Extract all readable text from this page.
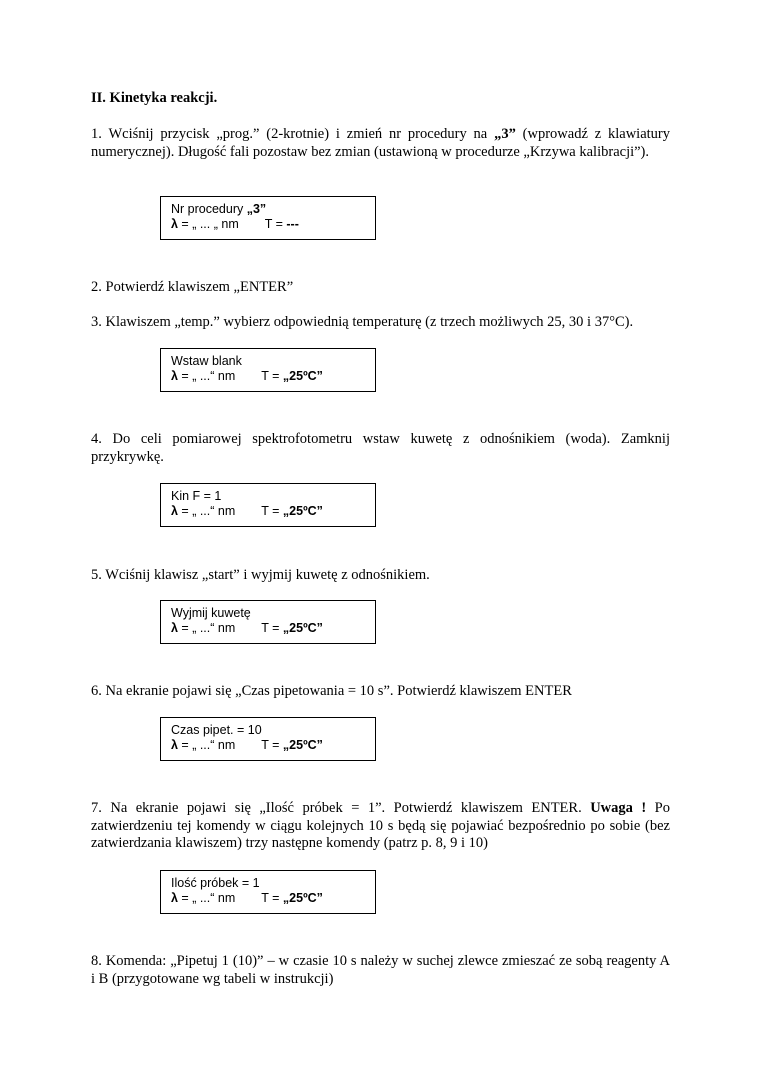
II. Kinetyka reakcji.
1. Wciśnij przycisk „prog.” (2-krotnie) i zmień nr procedury na „3” (wprowadź z klawiatury numerycznej). Długość fali pozostaw bez zmian (ustawioną w procedurze „Krzywa kalibracji”).
Nr procedury „3”
λ = „ ... „ nm T = ---
2. Potwierdź klawiszem „ENTER”
3. Klawiszem „temp.” wybierz odpowiednią temperaturę (z trzech możliwych 25, 30 i 37°C).
Wstaw blank
λ = „ ...“ nm T = „25ºC”
4. Do celi pomiarowej spektrofotometru wstaw kuwetę z odnośnikiem (woda). Zamknij przykrywkę.
Kin F = 1
λ = „ ...“ nm T = „25ºC”
5. Wciśnij klawisz „start” i wyjmij kuwetę z odnośnikiem.
Wyjmij kuwetę
λ = „ ...“ nm T = „25ºC”
6. Na ekranie pojawi się „Czas pipetowania = 10 s”. Potwierdź klawiszem ENTER
Czas pipet. = 10
λ = „ ...“ nm T = „25ºC”
7. Na ekranie pojawi się „Ilość próbek = 1”. Potwierdź klawiszem ENTER. Uwaga ! Po zatwierdzeniu tej komendy w ciągu kolejnych 10 s będą się pojawiać bezpośrednio po sobie (bez zatwierdzania klawiszem) trzy następne komendy (patrz p. 8, 9 i 10)
Ilość próbek = 1
λ = „ ...“ nm T = „25ºC”
8. Komenda: „Pipetuj 1 (10)” – w czasie 10 s należy w suchej zlewce zmieszać ze sobą reagenty A i B (przygotowane wg tabeli w instrukcji)
